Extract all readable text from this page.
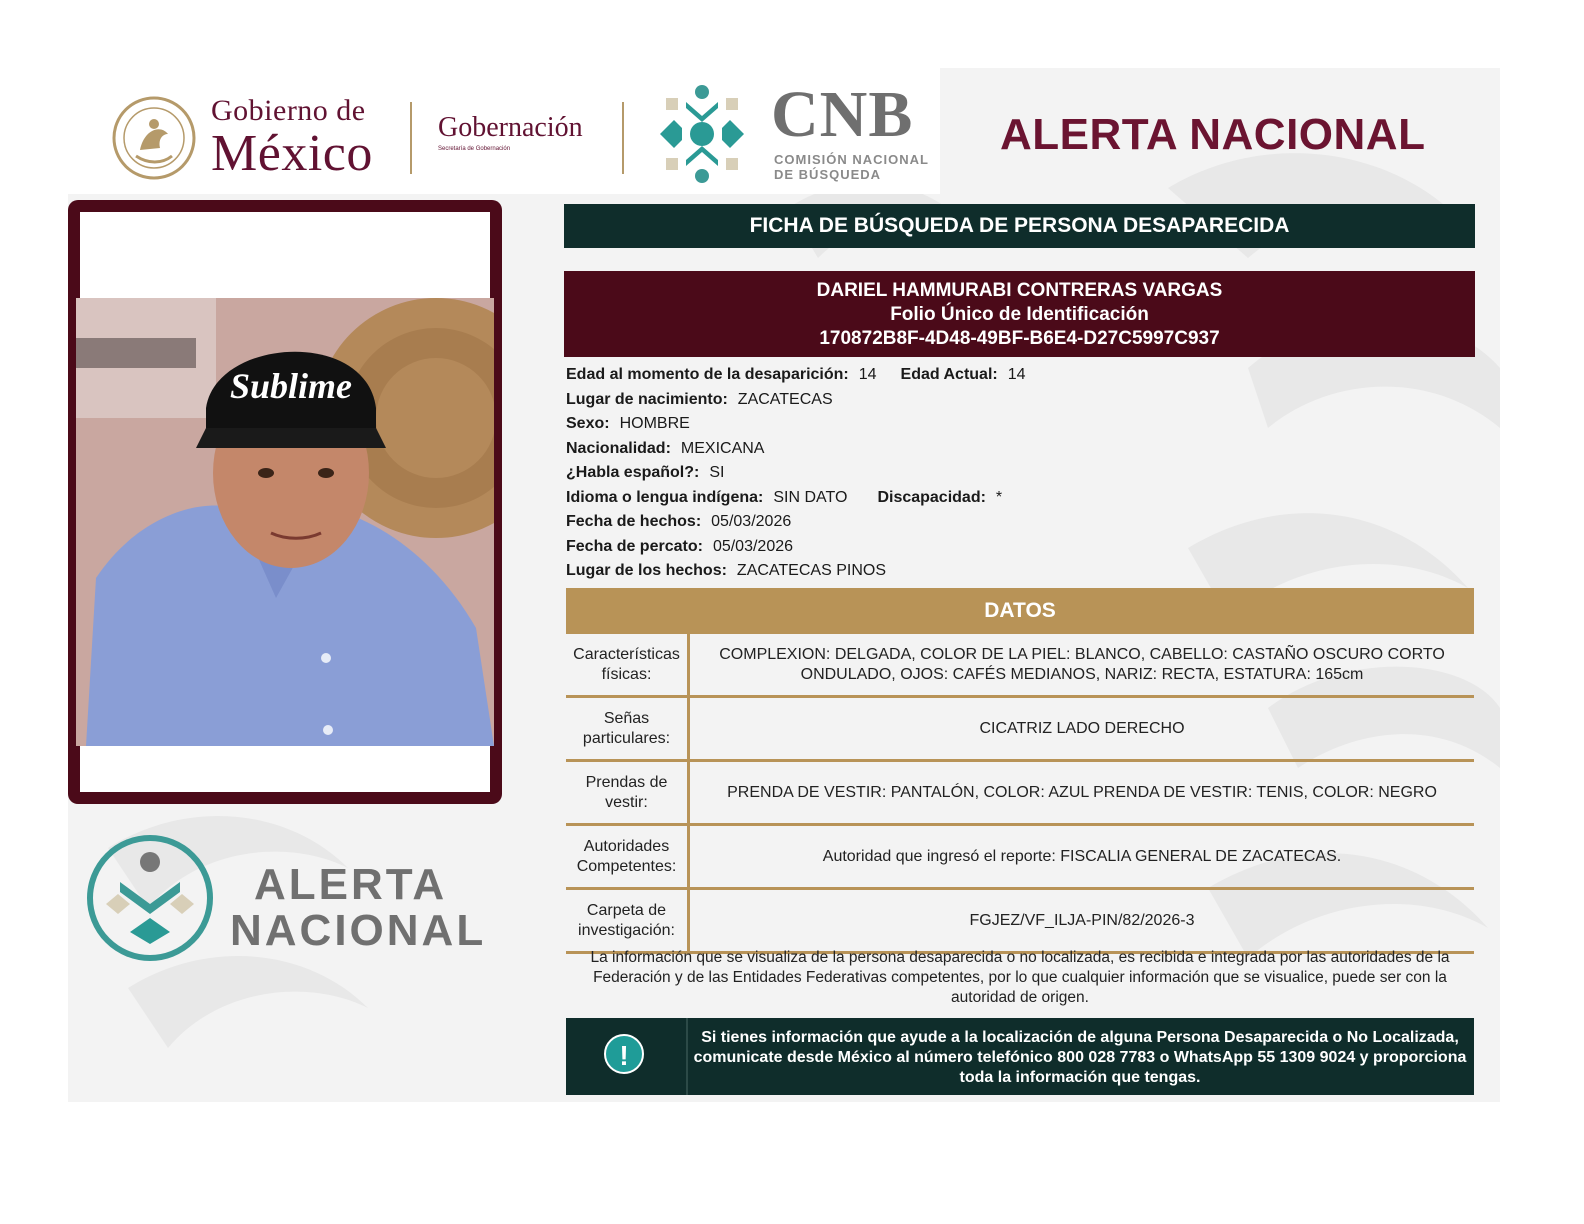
Gobierno de
México Gobernación
Secretaría de Gobernación	CNB
COMISIÓN NACIONAL
DE BÚSQUEDA
ALERTA NACIONAL
Sublime
ALERTA
NACIONAL
FICHA DE BÚSQUEDA DE PERSONA DESAPARECIDA
DARIEL HAMMURABI CONTRERAS VARGAS
Folio Único de Identificación
170872B8F-4D48-49BF-B6E4-D27C5997C937
Edad al momento de la desaparición: 14 Edad Actual: 14
Lugar de nacimiento: ZACATECAS
Sexo: HOMBRE
Nacionalidad: MEXICANA
¿Habla español?: SI
Idioma o lengua indígena: SIN DATO Discapacidad: *
Fecha de hechos: 05/03/2026
Fecha de percato: 05/03/2026
Lugar de los hechos: ZACATECAS PINOS
DATOS
Características físicas:	COMPLEXION: DELGADA, COLOR DE LA PIEL: BLANCO, CABELLO: CASTAÑO OSCURO CORTO ONDULADO, OJOS: CAFÉS MEDIANOS, NARIZ: RECTA, ESTATURA: 165cm
Señas particulares:	CICATRIZ LADO DERECHO
Prendas de vestir:	PRENDA DE VESTIR: PANTALÓN, COLOR: AZUL PRENDA DE VESTIR: TENIS, COLOR: NEGRO
Autoridades Competentes:	Autoridad que ingresó el reporte: FISCALIA GENERAL DE ZACATECAS.
Carpeta de investigación:	FGJEZ/VF_ILJA-PIN/82/2026-3
La información que se visualiza de la persona desaparecida o no localizada, es recibida e integrada por las autoridades de la Federación y de las Entidades Federativas competentes, por lo que cualquier información que se visualice, puede ser con la autoridad de origen.
!
Si tienes información que ayude a la localización de alguna Persona Desaparecida o No Localizada, comunicate desde México al número telefónico 800 028 7783 o WhatsApp 55 1309 9024 y proporciona toda la información que tengas.
